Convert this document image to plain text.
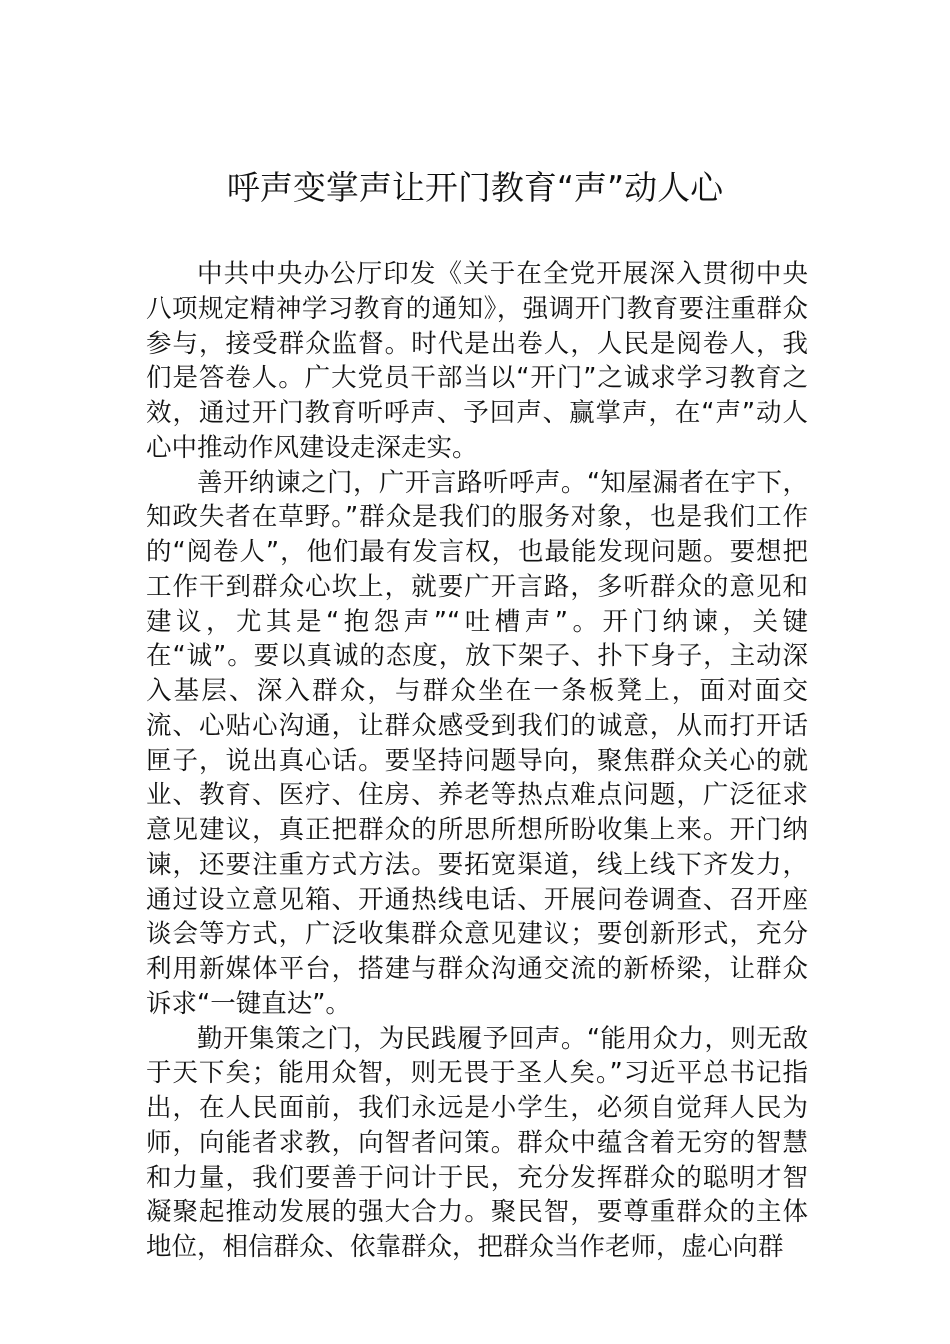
呼声变掌声让开门教育“声”动人心

中共中央办公厅印发《关于在全党开展深入贯彻中央八项规定精神学习教育的通知》，强调开门教育要注重群众参与，接受群众监督。时代是出卷人，人民是阅卷人，我们是答卷人。广大党员干部当以“开门”之诚求学习教育之效，通过开门教育听呼声、予回声、赢掌声，在“声”动人心中推动作风建设走深走实。

善开纳谏之门，广开言路听呼声。“知屋漏者在宇下，知政失者在草野。”群众是我们的服务对象，也是我们工作的“阅卷人”，他们最有发言权，也最能发现问题。要想把工作干到群众心坎上，就要广开言路，多听群众的意见和建议，尤其是“抱怨声”“吐槽声”。开门纳谏，关键在“诚”。要以真诚的态度，放下架子、扑下身子，主动深入基层、深入群众，与群众坐在一条板凳上，面对面交流、心贴心沟通，让群众感受到我们的诚意，从而打开话匣子，说出真心话。要坚持问题导向，聚焦群众关心的就业、教育、医疗、住房、养老等热点难点问题，广泛征求意见建议，真正把群众的所思所想所盼收集上来。开门纳谏，还要注重方式方法。要拓宽渠道，线上线下齐发力，通过设立意见箱、开通热线电话、开展问卷调查、召开座谈会等方式，广泛收集群众意见建议；要创新形式，充分利用新媒体平台，搭建与群众沟通交流的新桥梁，让群众诉求“一键直达”。

勤开集策之门，为民践履予回声。“能用众力，则无敌于天下矣；能用众智，则无畏于圣人矣。”习近平总书记指出，在人民面前，我们永远是小学生，必须自觉拜人民为师，向能者求教，向智者问策。群众中蕴含着无穷的智慧和力量，我们要善于问计于民，充分发挥群众的聪明才智凝聚起推动发展的强大合力。聚民智，要尊重群众的主体地位，相信群众、依靠群众，把群众当作老师，虚心向群
